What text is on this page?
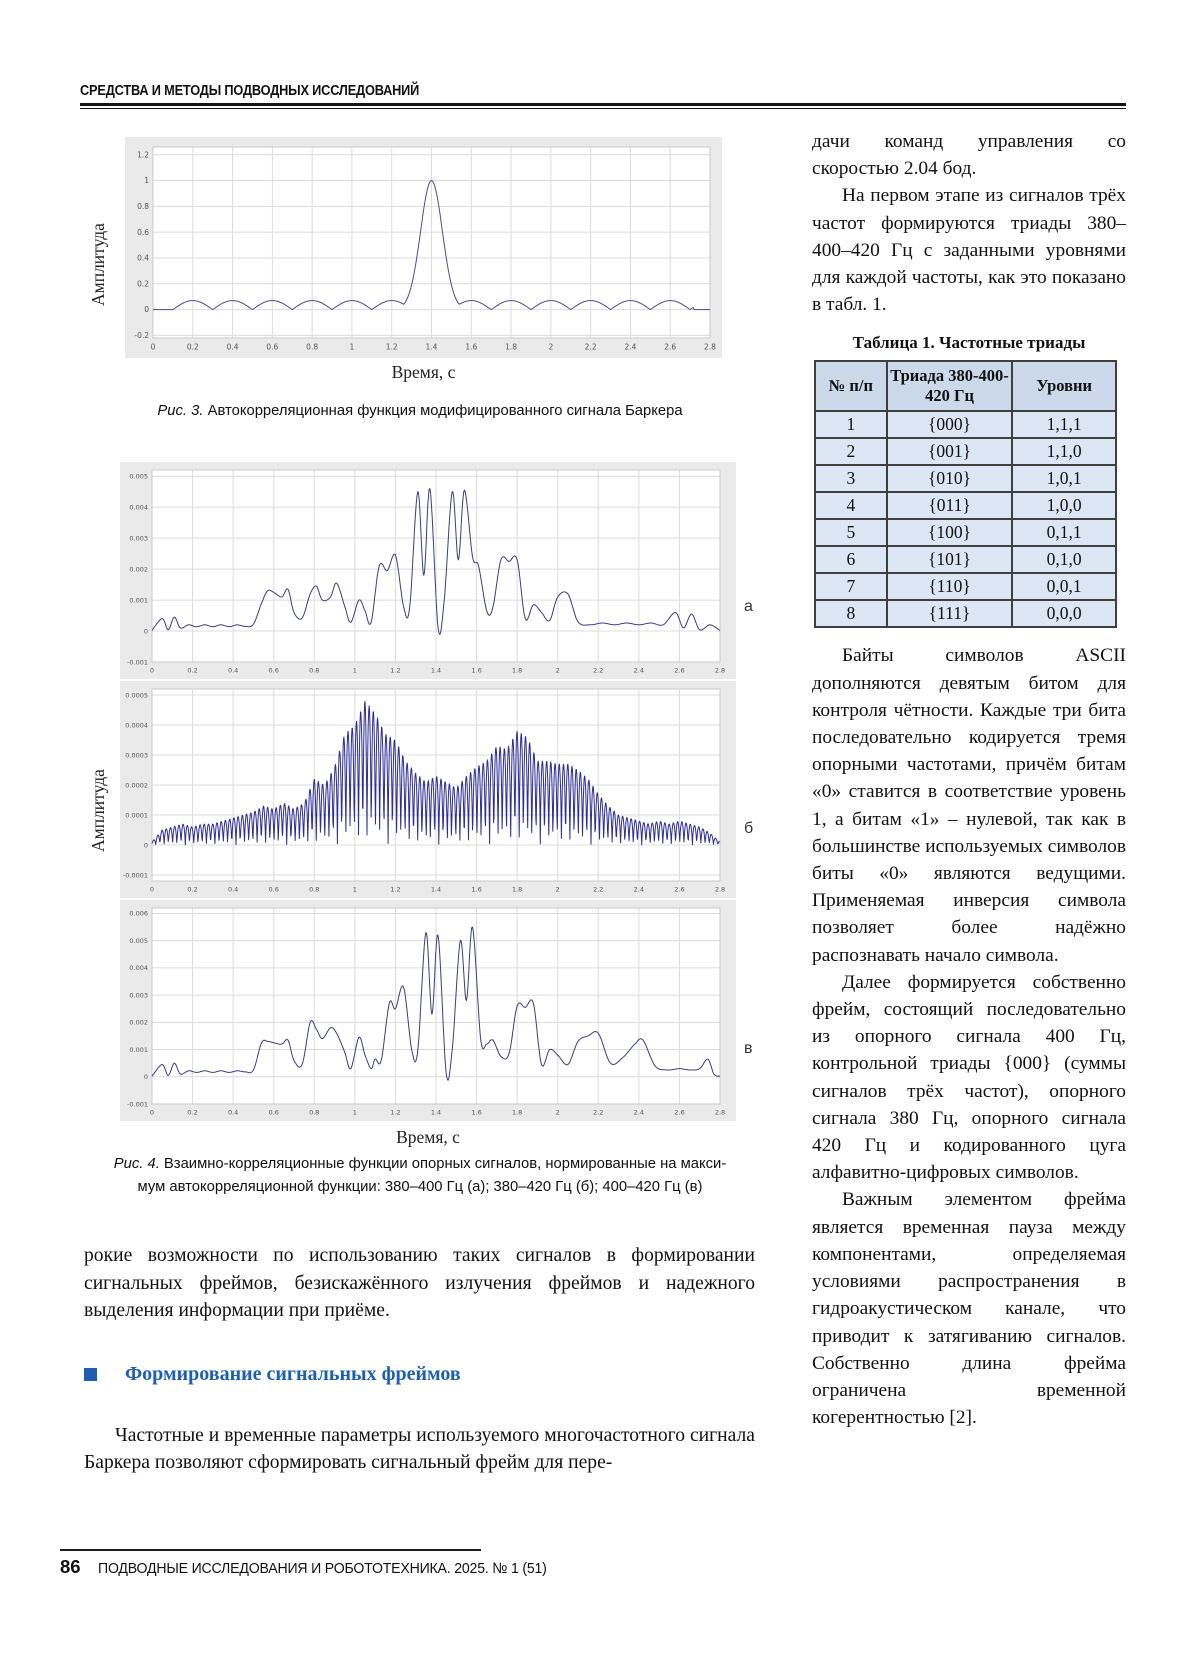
СРЕДСТВА И МЕТОДЫ ПОДВОДНЫХ ИССЛЕДОВАНИЙ
Амплитуда
0	0.2	0.4	0.6	0.8	1	1.2	1.4	1.6	1.8	2	2.2	2.4	2.6	2.8
1.2
1
0.8
0.6
0.4
0.2
0
-0.2
Время, с
Рис. 3. Автокорреляционная функция модифицированного сигнала Баркера
Амплитуда
0	0.2	0.4	0.6	0.8	1	1.2	1.4	1.6	1.8	2	2.2	2.4	2.6	2.8
0.005
0.004
0.003
0.002
0.001
0
-0.001
0	0.2	0.4	0.6	0.8	1	1.2	1.4	1.6	1.8	2	2.2	2.4	2.6	2.8
0.0005
0.0004
0.0003
0.0002
0.0001
0
-0.0001
0	0.2	0.4	0.6	0.8	1	1.2	1.4	1.6	1.8	2	2.2	2.4	2.6	2.8
0.006
0.005
0.004
0.003
0.002
0.001
0
-0.001
а
б
в
Время, с
Рис. 4. Взаимно-корреляционные функции опорных сигналов, нормированные на макси-
мум автокорреляционной функции: 380–400 Гц (а); 380–420 Гц (б); 400–420 Гц (в)

дачи команд управления со скоростью 2.04 бод.

На первом этапе из сигналов трёх частот формируются триады 380–400–420 Гц с заданными уровнями для каждой частоты, как это показано в табл. 1.

Таблица 1. Частотные триады
№ п/п	Триада 380-400-420 Гц	Уровни
1	{000}	1,1,1
2	{001}	1,1,0
3	{010}	1,0,1
4	{011}	1,0,0
5	{100}	0,1,1
6	{101}	0,1,0
7	{110}	0,0,1
8	{111}	0,0,0

Байты символов ASCII дополняются девятым битом для контроля чётности. Каждые три бита последовательно кодируется тремя опорными частотами, причём битам «0» ставится в соответствие уровень 1, а битам «1» – нулевой, так как в большинстве используемых символов биты «0» являются ведущими. Применяемая инверсия символа позволяет более надёжно распознавать начало символа.

Далее формируется собственно фрейм, состоящий последовательно из опорного сигнала 400 Гц, контрольной триады {000} (суммы сигналов трёх частот), опорного сигнала 380 Гц, опорного сигнала 420 Гц и кодированного цуга алфавитно-цифровых символов.

Важным элементом фрейма является временная пауза между компонентами, определяемая условиями распространения в гидроакустическом канале, что приводит к затягиванию сигналов. Собственно длина фрейма ограничена временной когерентностью [2].

рокие возможности по использованию таких сигналов в формировании сигнальных фреймов, безискажённого излучения фреймов и надежного выделения информации при приёме.

Формирование сигнальных фреймов

Частотные и временные параметры используемого многочастотного сигнала Баркера позволяют сформировать сигнальный фрейм для пере-

86 ПОДВОДНЫЕ ИССЛЕДОВАНИЯ И РОБОТОТЕХНИКА. 2025. № 1 (51)
